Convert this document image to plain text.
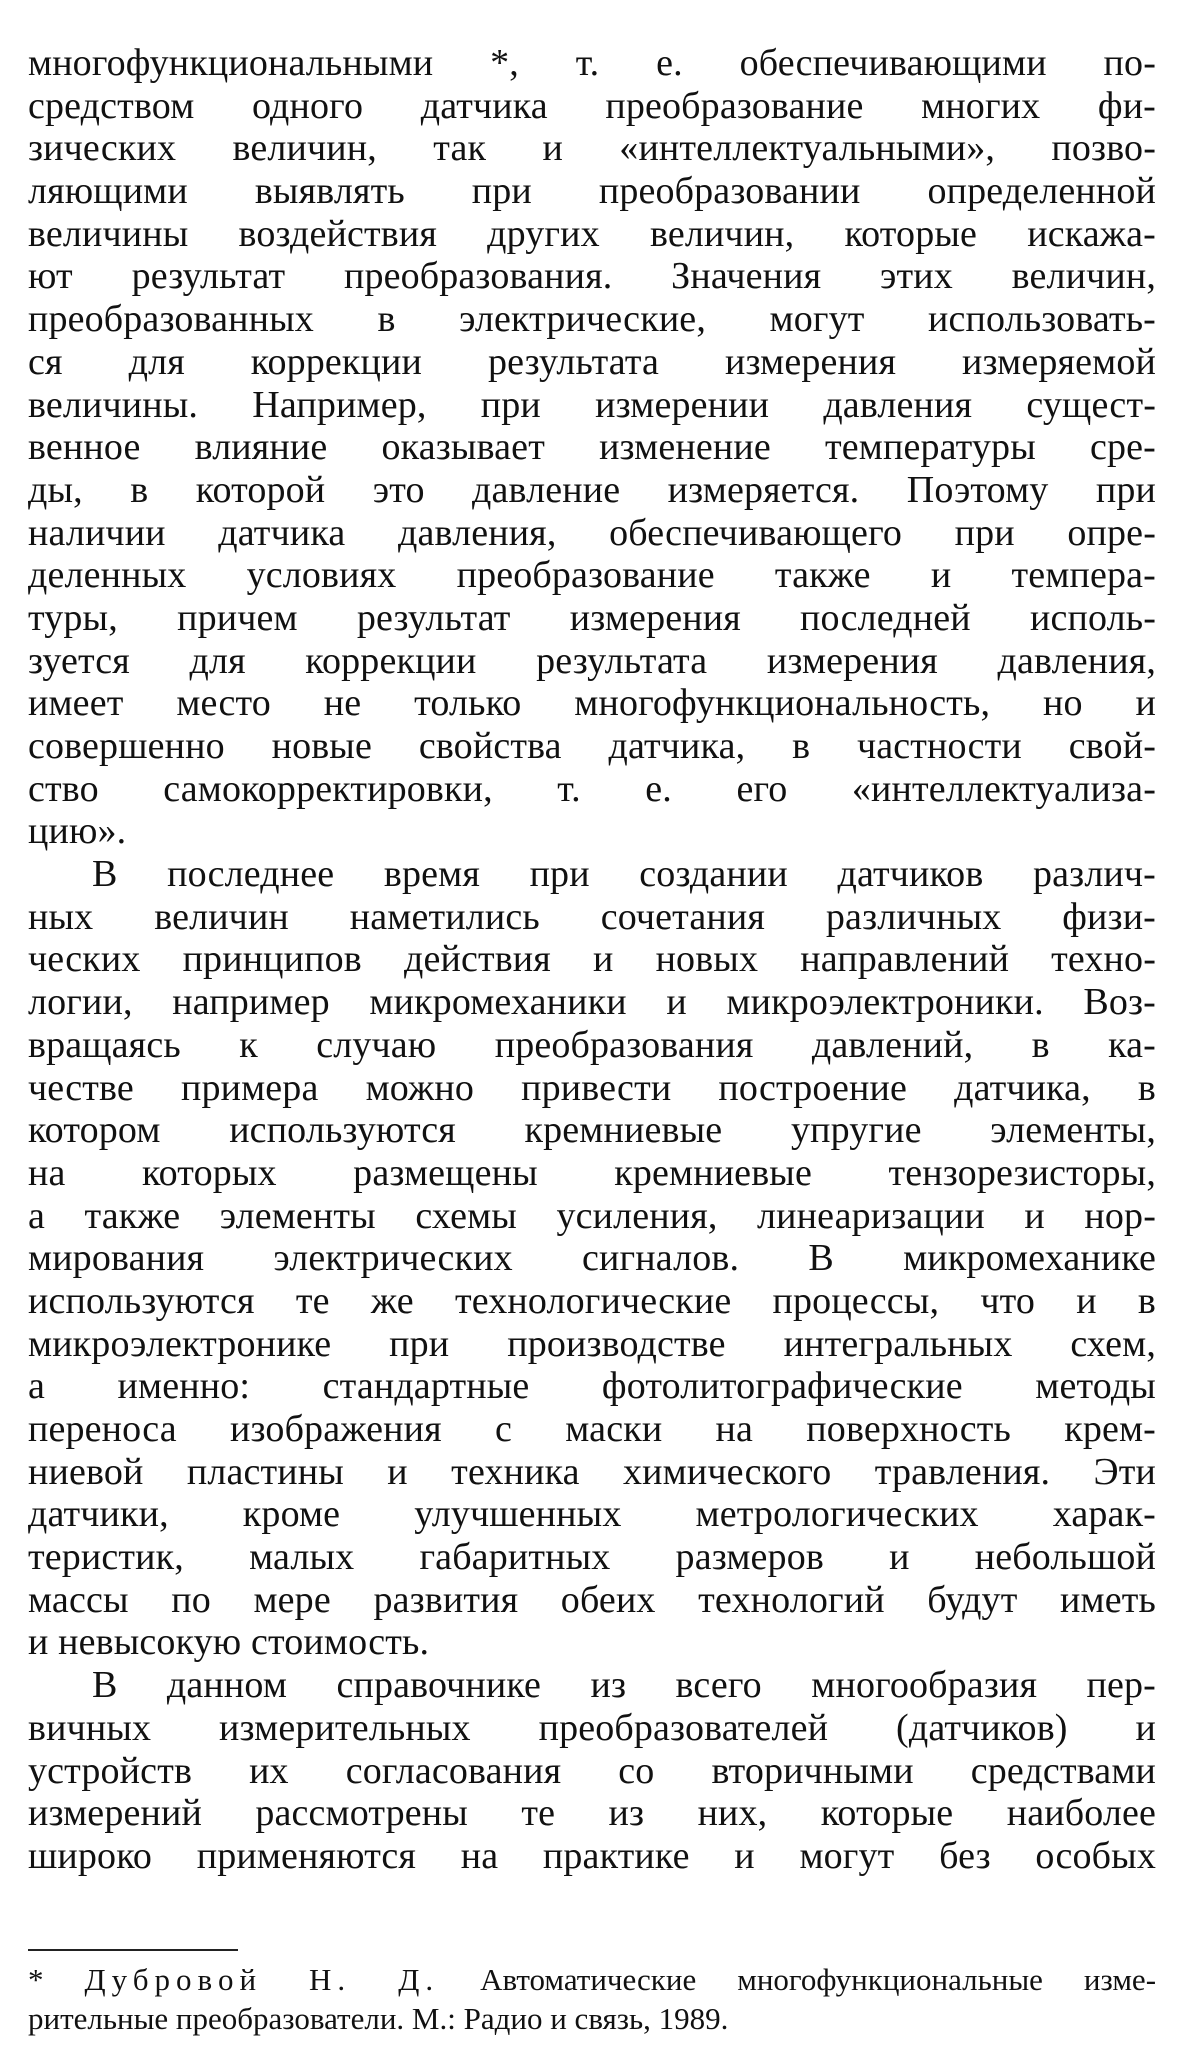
многофункциональными *, т. е. обеспечивающими по-
средством одного датчика преобразование многих фи-
зических величин, так и «интеллектуальными», позво-
ляющими выявлять при преобразовании определенной
величины воздействия других величин, которые искажа-
ют результат преобразования. Значения этих величин,
преобразованных в электрические, могут использовать-
ся для коррекции результата измерения измеряемой
величины. Например, при измерении давления сущест-
венное влияние оказывает изменение температуры сре-
ды, в которой это давление измеряется. Поэтому при
наличии датчика давления, обеспечивающего при опре-
деленных условиях преобразование также и темпера-
туры, причем результат измерения последней исполь-
зуется для коррекции результата измерения давления,
имеет место не только многофункциональность, но и
совершенно новые свойства датчика, в частности свой-
ство самокорректировки, т. е. его «интеллектуализа-
цию».
В последнее время при создании датчиков различ-
ных величин наметились сочетания различных физи-
ческих принципов действия и новых направлений техно-
логии, например микромеханики и микроэлектроники. Воз-
вращаясь к случаю преобразования давлений, в ка-
честве примера можно привести построение датчика, в
котором используются кремниевые упругие элементы,
на которых размещены кремниевые тензорезисторы,
а также элементы схемы усиления, линеаризации и нор-
мирования электрических сигналов. В микромеханике
используются те же технологические процессы, что и в
микроэлектронике при производстве интегральных схем,
а именно: стандартные фотолитографические методы
переноса изображения с маски на поверхность крем-
ниевой пластины и техника химического травления. Эти
датчики, кроме улучшенных метрологических харак-
теристик, малых габаритных размеров и небольшой
массы по мере развития обеих технологий будут иметь
и невысокую стоимость.
В данном справочнике из всего многообразия пер-
вичных измерительных преобразователей (датчиков) и
устройств их согласования со вторичными средствами
измерений рассмотрены те из них, которые наиболее
широко применяются на практике и могут без особых
* Дубровой Н. Д. Автоматические многофункциональные изме-
рительные преобразователи. М.: Радио и связь, 1989.
